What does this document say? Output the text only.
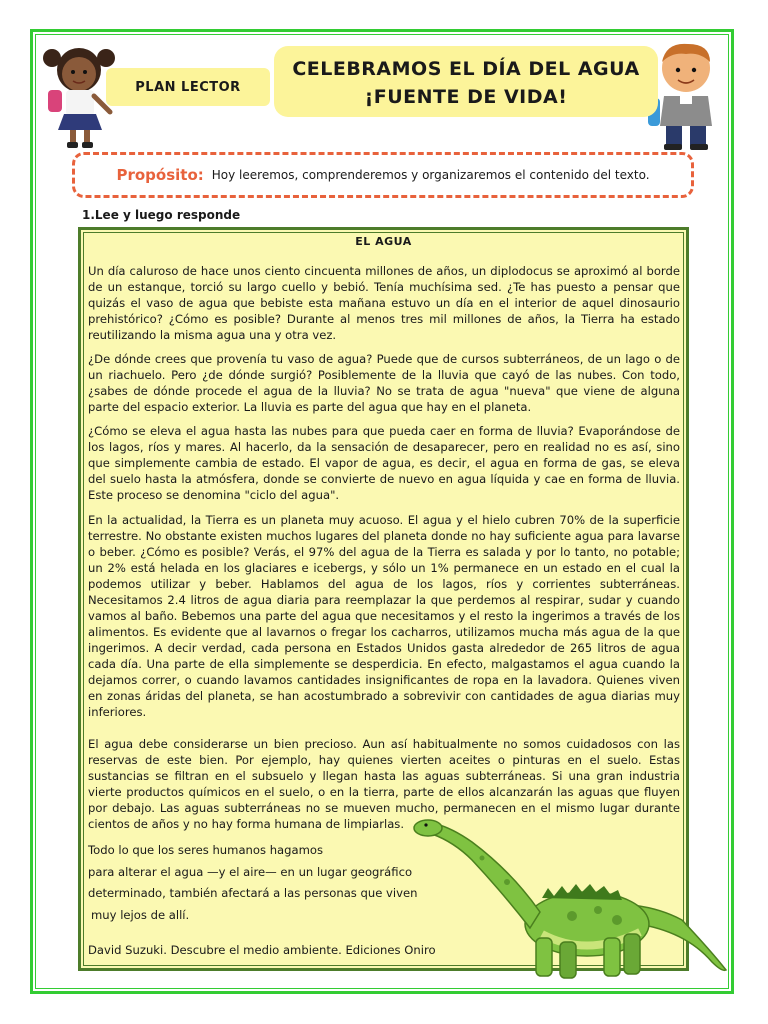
PLAN LECTOR
CELEBRAMOS EL DÍA DEL AGUA
¡FUENTE DE VIDA!
Propósito: Hoy leeremos, comprenderemos y organizaremos el contenido del texto.
1.Lee y luego responde
EL AGUA
Un día caluroso de hace unos ciento cincuenta millones de años, un diplodocus se aproximó al borde de un estanque, torció su largo cuello y bebió. Tenía muchísima sed. ¿Te has puesto a pensar que quizás el vaso de agua que bebiste esta mañana estuvo un día en el interior de aquel dinosaurio prehistórico? ¿Cómo es posible? Durante al menos tres mil millones de años, la Tierra ha estado reutilizando la misma agua una y otra vez.
¿De dónde crees que provenía tu vaso de agua? Puede que de cursos subterráneos, de un lago o de un riachuelo. Pero ¿de dónde surgió? Posiblemente de la lluvia que cayó de las nubes. Con todo, ¿sabes de dónde procede el agua de la lluvia? No se trata de agua "nueva" que viene de alguna parte del espacio exterior. La lluvia es parte del agua que hay en el planeta.
¿Cómo se eleva el agua hasta las nubes para que pueda caer en forma de lluvia? Evaporándose de los lagos, ríos y mares. Al hacerlo, da la sensación de desaparecer, pero en realidad no es así, sino que simplemente cambia de estado. El vapor de agua, es decir, el agua en forma de gas, se eleva del suelo hasta la atmósfera, donde se convierte de nuevo en agua líquida y cae en forma de lluvia. Este proceso se denomina "ciclo del agua".
En la actualidad, la Tierra es un planeta muy acuoso. El agua y el hielo cubren 70% de la superficie terrestre. No obstante existen muchos lugares del planeta donde no hay suficiente agua para lavarse o beber. ¿Cómo es posible? Verás, el 97% del agua de la Tierra es salada y por lo tanto, no potable; un 2% está helada en los glaciares e icebergs, y sólo un 1% permanece en un estado en el cual la podemos utilizar y beber. Hablamos del agua de los lagos, ríos y corrientes subterráneas. Necesitamos 2.4 litros de agua diaria para reemplazar la que perdemos al respirar, sudar y cuando vamos al baño. Bebemos una parte del agua que necesitamos y el resto la ingerimos a través de los alimentos. Es evidente que al lavarnos o fregar los cacharros, utilizamos mucha más agua de la que ingerimos. A decir verdad, cada persona en Estados Unidos gasta alrededor de 265 litros de agua cada día. Una parte de ella simplemente se desperdicia. En efecto, malgastamos el agua cuando la dejamos correr, o cuando lavamos cantidades insignificantes de ropa en la lavadora. Quienes viven en zonas áridas del planeta, se han acostumbrado a sobrevivir con cantidades de agua diarias muy inferiores.
El agua debe considerarse un bien precioso. Aun así habitualmente no somos cuidadosos con las reservas de este bien. Por ejemplo, hay quienes vierten aceites o pinturas en el suelo. Estas sustancias se filtran en el subsuelo y llegan hasta las aguas subterráneas. Si una gran industria vierte productos químicos en el suelo, o en la tierra, parte de ellos alcanzarán las aguas que fluyen por debajo. Las aguas subterráneas no se mueven mucho, permanecen en el mismo lugar durante cientos de años y no hay forma humana de limpiarlas.
Todo lo que los seres humanos hagamos
para alterar el agua —y el aire— en un lugar geográfico
determinado, también afectará a las personas que viven
muy lejos de allí.
David Suzuki. Descubre el medio ambiente. Ediciones Oniro
